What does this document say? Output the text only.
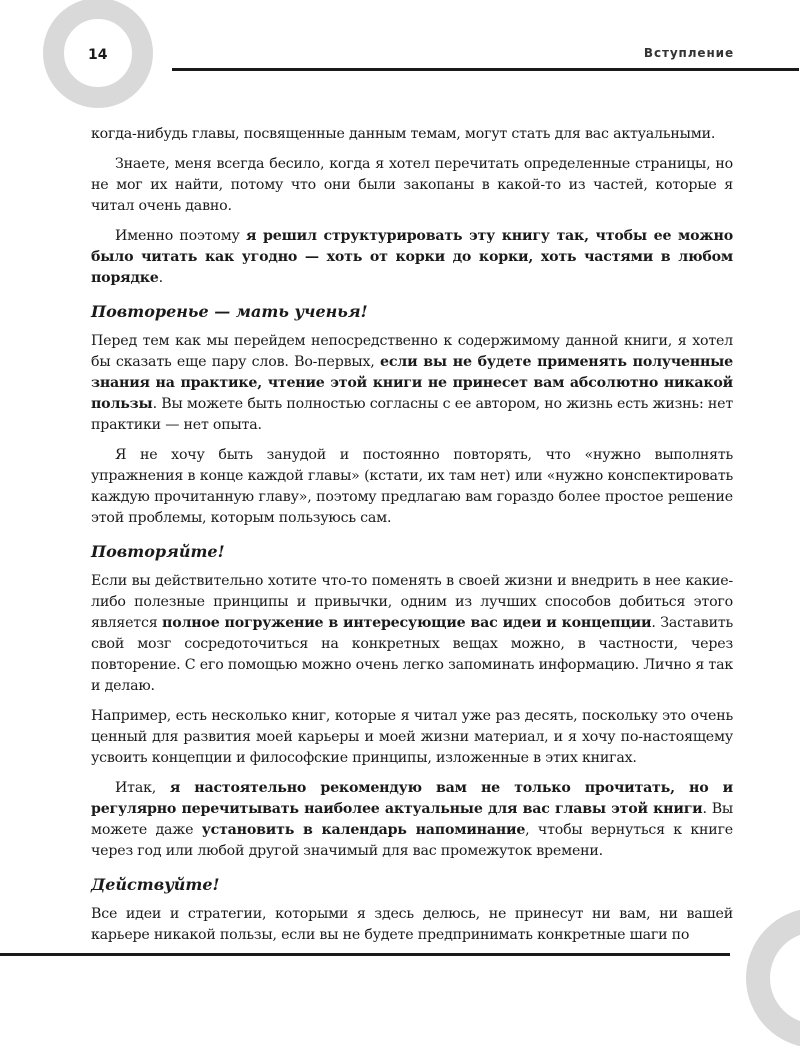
14	Вступление

когда-нибудь главы, посвященные данным темам, могут стать для вас актуальными.

Знаете, меня всегда бесило, когда я хотел перечитать определенные страницы, но не мог их найти, потому что они были закопаны в какой-то из частей, которые я читал очень давно.

Именно поэтому я решил структурировать эту книгу так, чтобы ее можно было читать как угодно — хоть от корки до корки, хоть частями в любом порядке.

Повторенье — мать ученья!

Перед тем как мы перейдем непосредственно к содержимому данной книги, я хотел бы сказать еще пару слов. Во-первых, если вы не будете применять полученные знания на практике, чтение этой книги не принесет вам абсолютно никакой пользы. Вы можете быть полностью согласны с ее автором, но жизнь есть жизнь: нет практики — нет опыта.

Я не хочу быть занудой и постоянно повторять, что «нужно выполнять упражнения в конце каждой главы» (кстати, их там нет) или «нужно конспектировать каждую прочитанную главу», поэтому предлагаю вам гораздо более простое решение этой проблемы, которым пользуюсь сам.

Повторяйте!

Если вы действительно хотите что-то поменять в своей жизни и внедрить в нее какие-либо полезные принципы и привычки, одним из лучших способов добиться этого является полное погружение в интересующие вас идеи и концепции. Заставить свой мозг сосредоточиться на конкретных вещах можно, в частности, через повторение. С его помощью можно очень легко запоминать информацию. Лично я так и делаю.

Например, есть несколько книг, которые я читал уже раз десять, поскольку это очень ценный для развития моей карьеры и моей жизни материал, и я хочу по-настоящему усвоить концепции и философские принципы, изложенные в этих книгах.

Итак, я настоятельно рекомендую вам не только прочитать, но и регулярно перечитывать наиболее актуальные для вас главы этой книги. Вы можете даже установить в календарь напоминание, чтобы вернуться к книге через год или любой другой значимый для вас промежуток времени.

Действуйте!

Все идеи и стратегии, которыми я здесь делюсь, не принесут ни вам, ни вашей карьере никакой пользы, если вы не будете предпринимать конкретные шаги по
